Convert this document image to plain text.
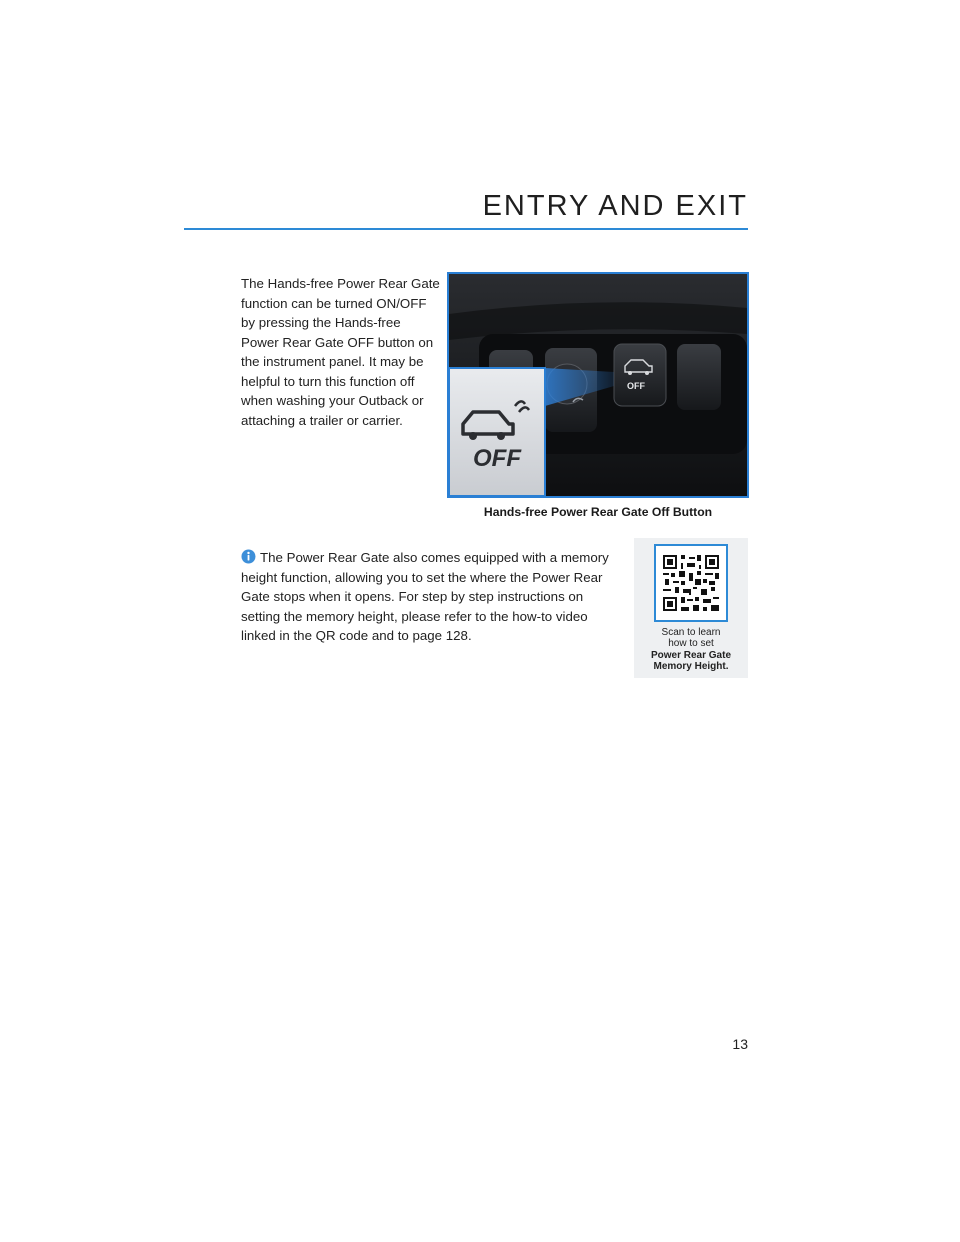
ENTRY AND EXIT

The Hands-free Power Rear Gate function can be turned ON/OFF by pressing the Hands-free Power Rear Gate OFF button on the instrument panel. It may be helpful to turn this function off when washing your Outback or attaching a trailer or carrier.

OFF
OFF

Hands-free Power Rear Gate Off Button

The Power Rear Gate also comes equipped with a memory height function, allowing you to set the where the Power Rear Gate stops when it opens. For step by step instructions on setting the memory height, please refer to the how-to video linked in the QR code and to page 128.	Scan to learn
how to set
Power Rear Gate
Memory Height.
13
